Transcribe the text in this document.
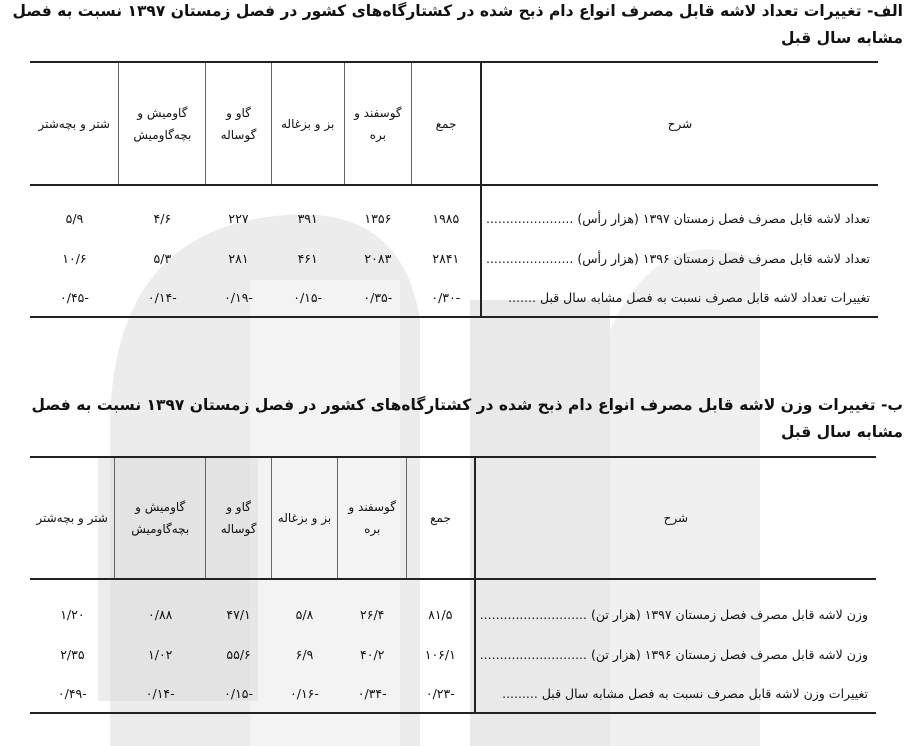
الف- تغییرات تعداد لاشه قابل مصرف انواع دام ذبح شده در کشتارگاه‌های کشور در فصل زمستان ۱۳۹۷ نسبت به فصل مشابه سال قبل

شرح	جمع	گوسفند و بره	بز و بزغاله	گاو و گوساله	گاومیش و بچه‌گاومیش	شتر و بچه‌شتر
تعداد لاشه قابل مصرف فصل زمستان ۱۳۹۷ (هزار رأس) ......................	۱۹۸۵	۱۳۵۶	۳۹۱	۲۲۷	۴/۶	۵/۹
تعداد لاشه قابل مصرف فصل زمستان ۱۳۹۶ (هزار رأس) ......................	۲۸۴۱	۲۰۸۳	۴۶۱	۲۸۱	۵/۳	۱۰/۶
تغییرات تعداد لاشه قابل مصرف نسبت به فصل مشابه سال قبل .......	-۰/۳۰	-۰/۳۵	-۰/۱۵	-۰/۱۹	-۰/۱۴	-۰/۴۵

ب- تغییرات وزن لاشه قابل مصرف انواع دام ذبح شده در کشتارگاه‌های کشور در فصل زمستان ۱۳۹۷ نسبت به فصل مشابه سال قبل

شرح	جمع	گوسفند و بره	بز و بزغاله	گاو و گوساله	گاومیش و بچه‌گاومیش	شتر و بچه‌شتر
وزن لاشه قابل مصرف فصل زمستان ۱۳۹۷ (هزار تن) ...........................	۸۱/۵	۲۶/۴	۵/۸	۴۷/۱	۰/۸۸	۱/۲۰
وزن لاشه قابل مصرف فصل زمستان ۱۳۹۶ (هزار تن) ...........................	۱۰۶/۱	۴۰/۲	۶/۹	۵۵/۶	۱/۰۲	۲/۳۵
تغییرات وزن لاشه قابل مصرف نسبت به فصل مشابه سال قبل .........	-۰/۲۳	-۰/۳۴	-۰/۱۶	-۰/۱۵	-۰/۱۴	-۰/۴۹
